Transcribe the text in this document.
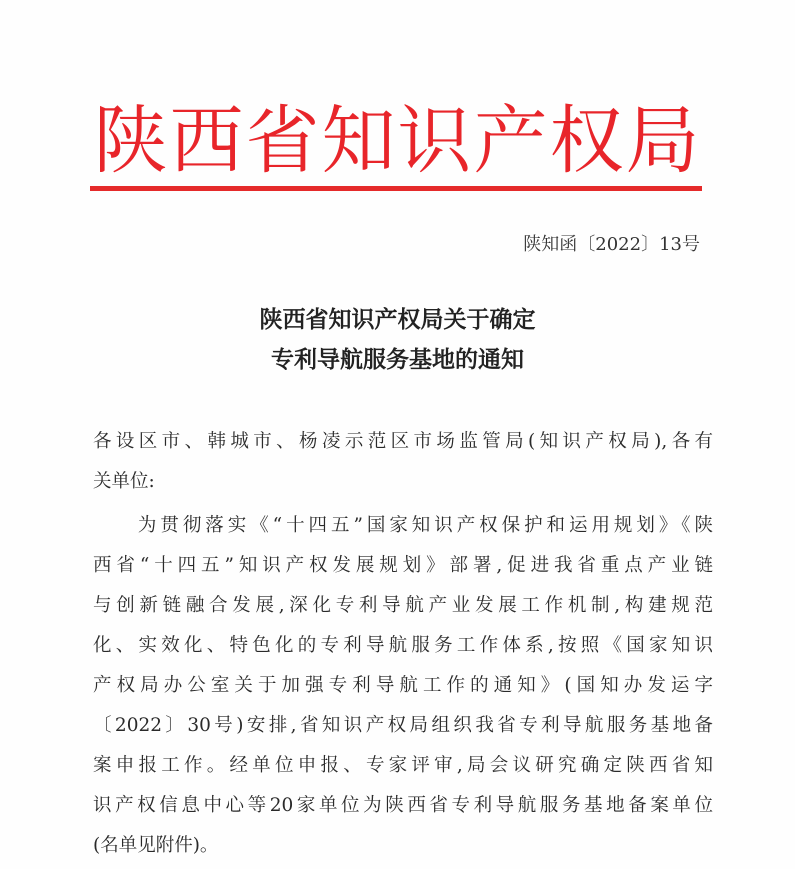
陕西省知识产权局
陕知函〔2022〕13号
陕西省知识产权局关于确定
专利导航服务基地的通知
各设区市、韩城市、杨凌示范区市场监管局(知识产权局),各有
关单位:
　　为贯彻落实《“十四五”国家知识产权保护和运用规划》《陕
西省“十四五”知识产权发展规划》部署,促进我省重点产业链
与创新链融合发展,深化专利导航产业发展工作机制,构建规范
化、实效化、特色化的专利导航服务工作体系,按照《国家知识
产权局办公室关于加强专利导航工作的通知》(国知办发运字
〔2022〕30号)安排,省知识产权局组织我省专利导航服务基地备
案申报工作。经单位申报、专家评审,局会议研究确定陕西省知
识产权信息中心等20家单位为陕西省专利导航服务基地备案单位
(名单见附件)。
